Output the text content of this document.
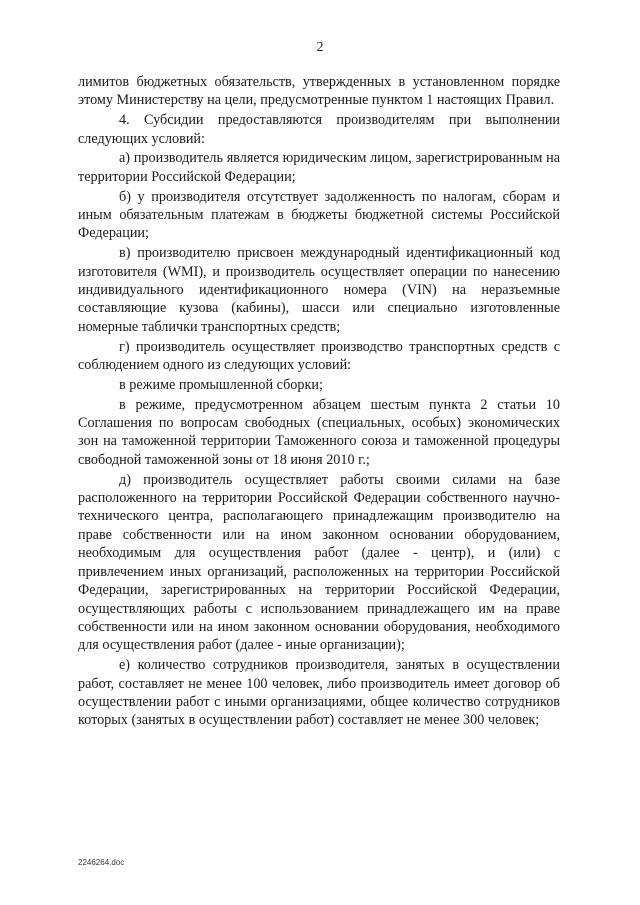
2

лимитов бюджетных обязательств, утвержденных в установленном порядке этому Министерству на цели, предусмотренные пунктом 1 настоящих Правил.

4. Субсидии предоставляются производителям при выполнении следующих условий:

а) производитель является юридическим лицом, зарегистрированным на территории Российской Федерации;

б) у производителя отсутствует задолженность по налогам, сборам и иным обязательным платежам в бюджеты бюджетной системы Российской Федерации;

в) производителю присвоен международный идентификационный код изготовителя (WMI), и производитель осуществляет операции по нанесению индивидуального идентификационного номера (VIN) на неразъемные составляющие кузова (кабины), шасси или специально изготовленные номерные таблички транспортных средств;

г) производитель осуществляет производство транспортных средств с соблюдением одного из следующих условий:

в режиме промышленной сборки;

в режиме, предусмотренном абзацем шестым пункта 2 статьи 10 Соглашения по вопросам свободных (специальных, особых) экономических зон на таможенной территории Таможенного союза и таможенной процедуры свободной таможенной зоны от 18 июня 2010 г.;

д) производитель осуществляет работы своими силами на базе расположенного на территории Российской Федерации собственного научно-технического центра, располагающего принадлежащим производителю на праве собственности или на ином законном основании оборудованием, необходимым для осуществления работ (далее - центр), и (или) с привлечением иных организаций, расположенных на территории Российской Федерации, зарегистрированных на территории Российской Федерации, осуществляющих работы с использованием принадлежащего им на праве собственности или на ином законном основании оборудования, необходимого для осуществления работ (далее - иные организации);

е) количество сотрудников производителя, занятых в осуществлении работ, составляет не менее 100 человек, либо производитель имеет договор об осуществлении работ с иными организациями, общее количество сотрудников которых (занятых в осуществлении работ) составляет не менее 300 человек;

2246264.doc
